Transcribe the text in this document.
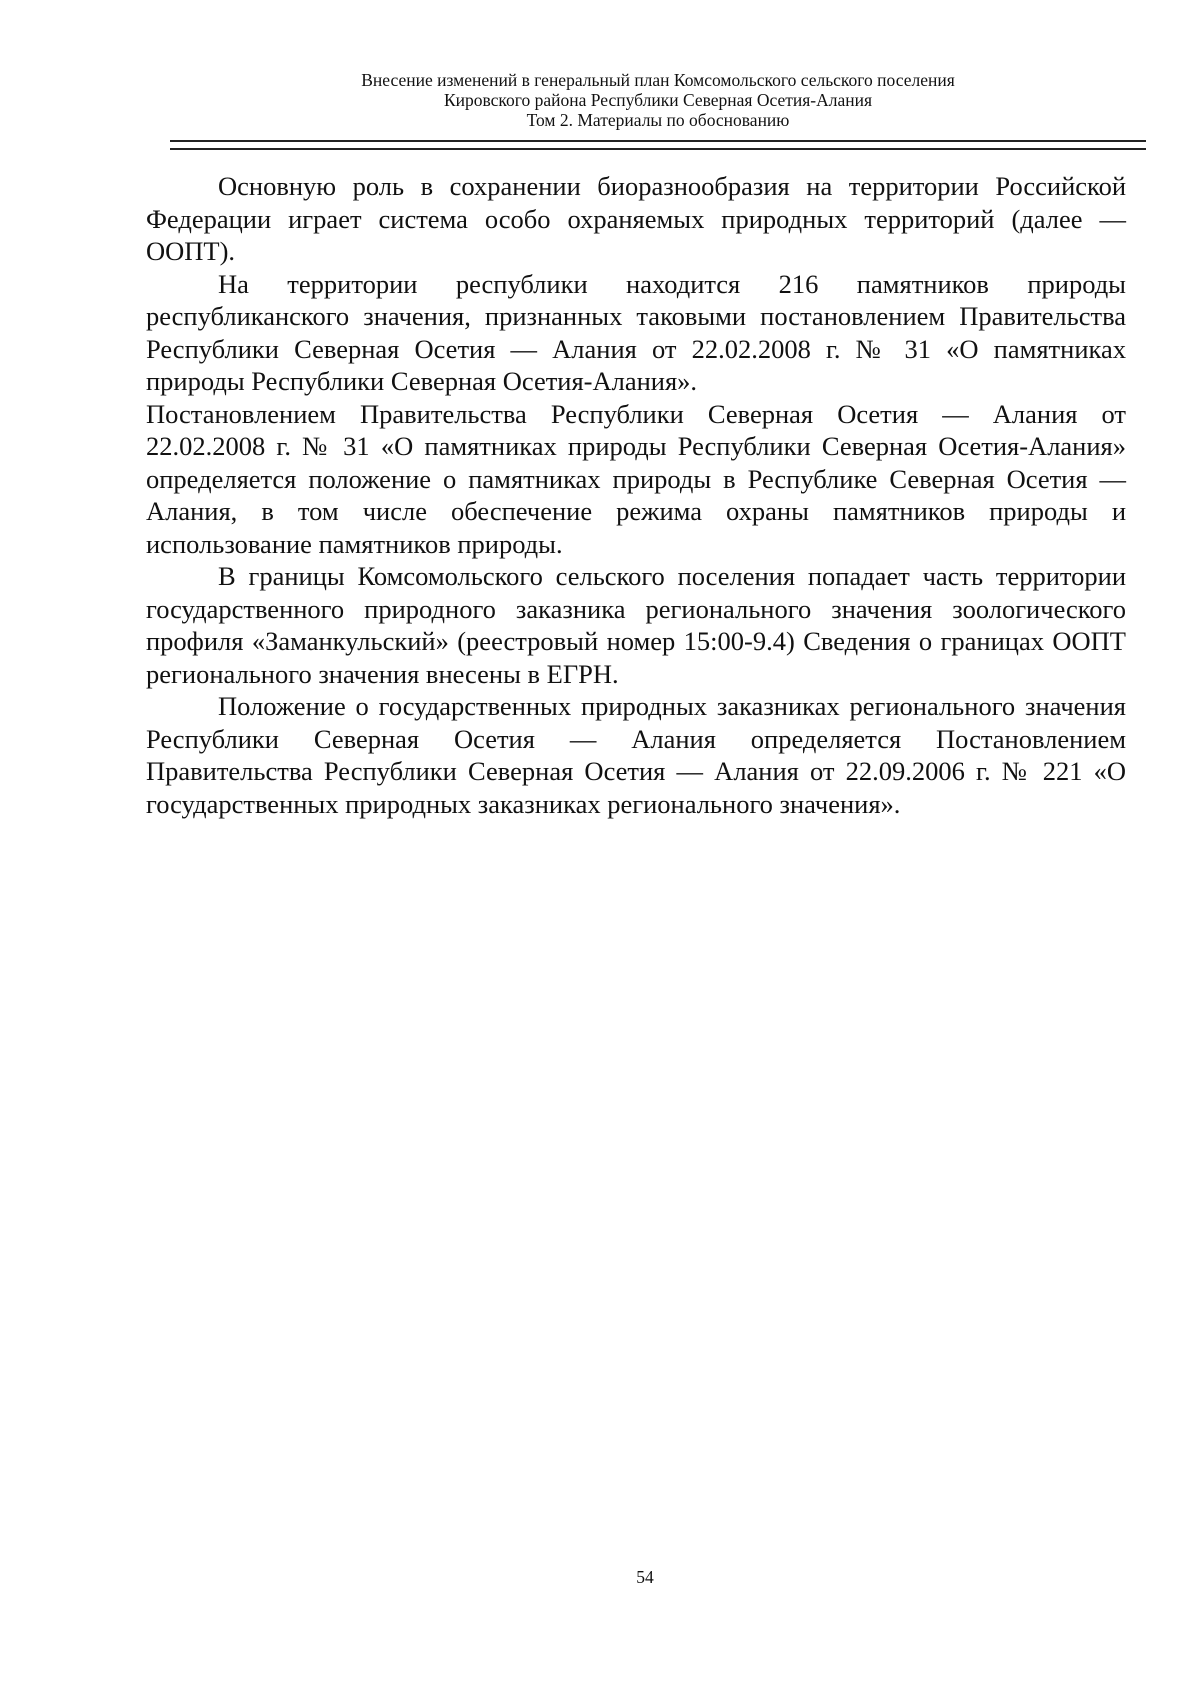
Внесение изменений в генеральный план Комсомольского сельского поселения
Кировского района Республики Северная Осетия-Алания
Том 2. Материалы по обоснованию

Основную роль в сохранении биоразнообразия на территории Российской Федерации играет система особо охраняемых природных территорий (далее — ООПТ).

На территории республики находится 216 памятников природы республиканского значения, признанных таковыми постановлением Правительства Республики Северная Осетия — Алания от 22.02.2008 г. № 31 «О памятниках природы Республики Северная Осетия-Алания».

Постановлением Правительства Республики Северная Осетия — Алания от 22.02.2008 г. № 31 «О памятниках природы Республики Северная Осетия-Алания» определяется положение о памятниках природы в Республике Северная Осетия — Алания, в том числе обеспечение режима охраны памятников природы и использование памятников природы.

В границы Комсомольского сельского поселения попадает часть территории государственного природного заказника регионального значения зоологического профиля «Заманкульский» (реестровый номер 15:00-9.4) Сведения о границах ООПТ регионального значения внесены в ЕГРН.

Положение о государственных природных заказниках регионального значения Республики Северная Осетия — Алания определяется Постановлением Правительства Республики Северная Осетия — Алания от 22.09.2006 г. № 221 «О государственных природных заказниках регионального значения».

54
